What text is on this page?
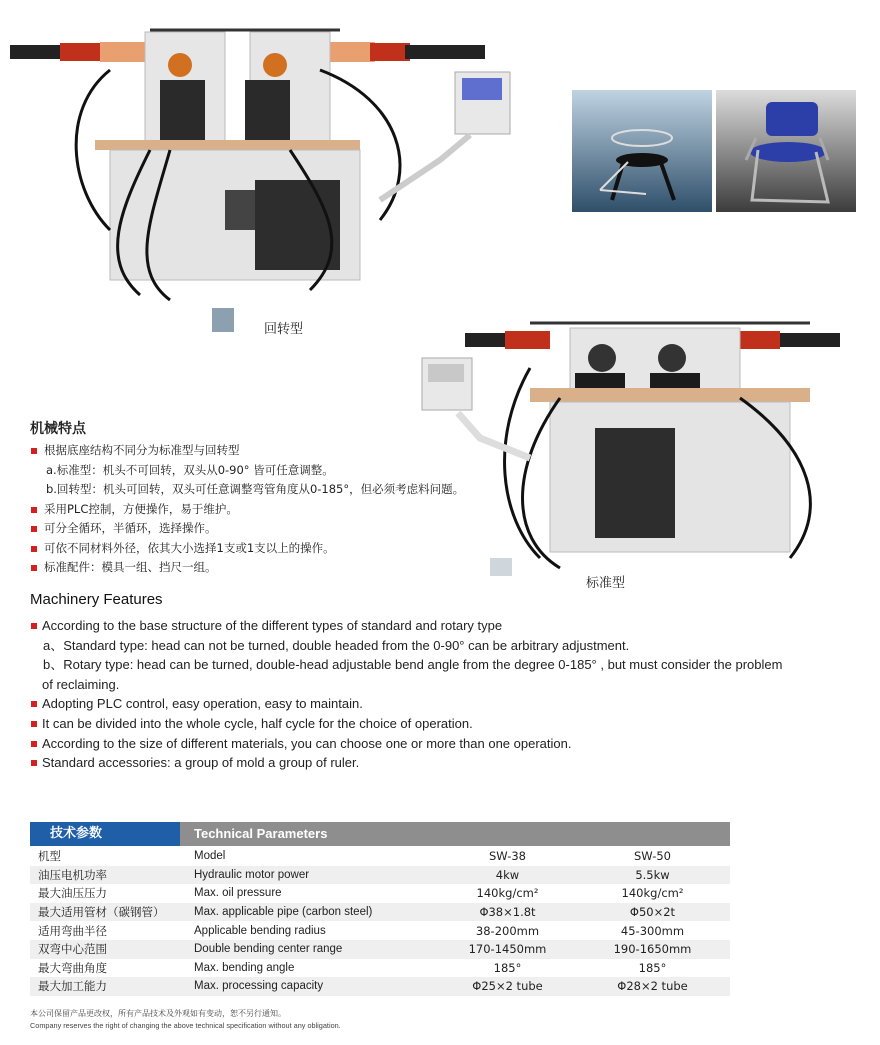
回转型
标准型
机械特点
根据底座结构不同分为标准型与回转型
a.标准型：机头不可回转，双头从0-90° 皆可任意调整。
b.回转型：机头可回转，双头可任意调整弯管角度从0-185°，但必须考虑料问题。
采用PLC控制，方便操作，易于维护。
可分全循环，半循环，选择操作。
可依不同材料外径，依其大小选择1支或1支以上的操作。
标准配件：模具一组、挡尺一组。
Machinery Features
According to the base structure of the different types of standard and rotary type
a、Standard type: head can not be turned, double headed from the 0-90° can be arbitrary adjustment.
b、Rotary type: head can be turned, double-head adjustable bend angle from the degree 0-185° , but must consider the problem
of reclaiming.
Adopting PLC control, easy operation, easy to maintain.
It can be divided into the whole cycle, half cycle for the choice of operation.
According to the size of different materials, you can choose one or more than one operation.
Standard accessories: a group of mold a group of ruler.
技术参数	Technical Parameters
机型	Model	SW-38	SW-50
油压电机功率	Hydraulic motor power	4kw	5.5kw
最大油压压力	Max. oil pressure	140kg/cm²	140kg/cm²
最大适用管材（碳钢管）	Max. applicable pipe (carbon steel)	Φ38×1.8t	Φ50×2t
适用弯曲半径	Applicable bending radius	38-200mm	45-300mm
双弯中心范围	Double bending center range	170-1450mm	190-1650mm
最大弯曲角度	Max. bending angle	185°	185°
最大加工能力	Max. processing capacity	Φ25×2 tube	Φ28×2 tube
本公司保留产品更改权，所有产品技术及外观如有变动，恕不另行通知。
Company reserves the right of changing the above technical specification without any obligation.
